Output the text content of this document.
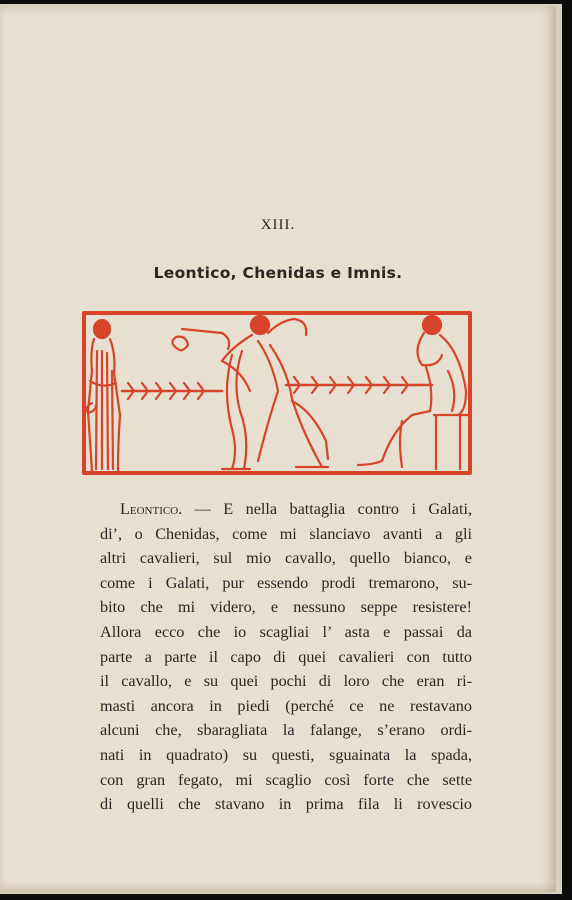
XIII.
Leontico, Chenidas e Imnis.
Leontico. — E nella battaglia contro i Galati,
di’, o Chenidas, come mi slanciavo avanti a gli
altri cavalieri, sul mio cavallo, quello bianco, e
come i Galati, pur essendo prodi tremarono, su-
bito che mi videro, e nessuno seppe resistere!
Allora ecco che io scagliai l’ asta e passai da
parte a parte il capo di quei cavalieri con tutto
il cavallo, e su quei pochi di loro che eran ri-
masti ancora in piedi (perché ce ne restavano
alcuni che, sbaragliata la falange, s’erano ordi-
nati in quadrato) su questi, sguainata la spada,
con gran fegato, mi scaglio così forte che sette
di quelli che stavano in prima fila li rovescio
